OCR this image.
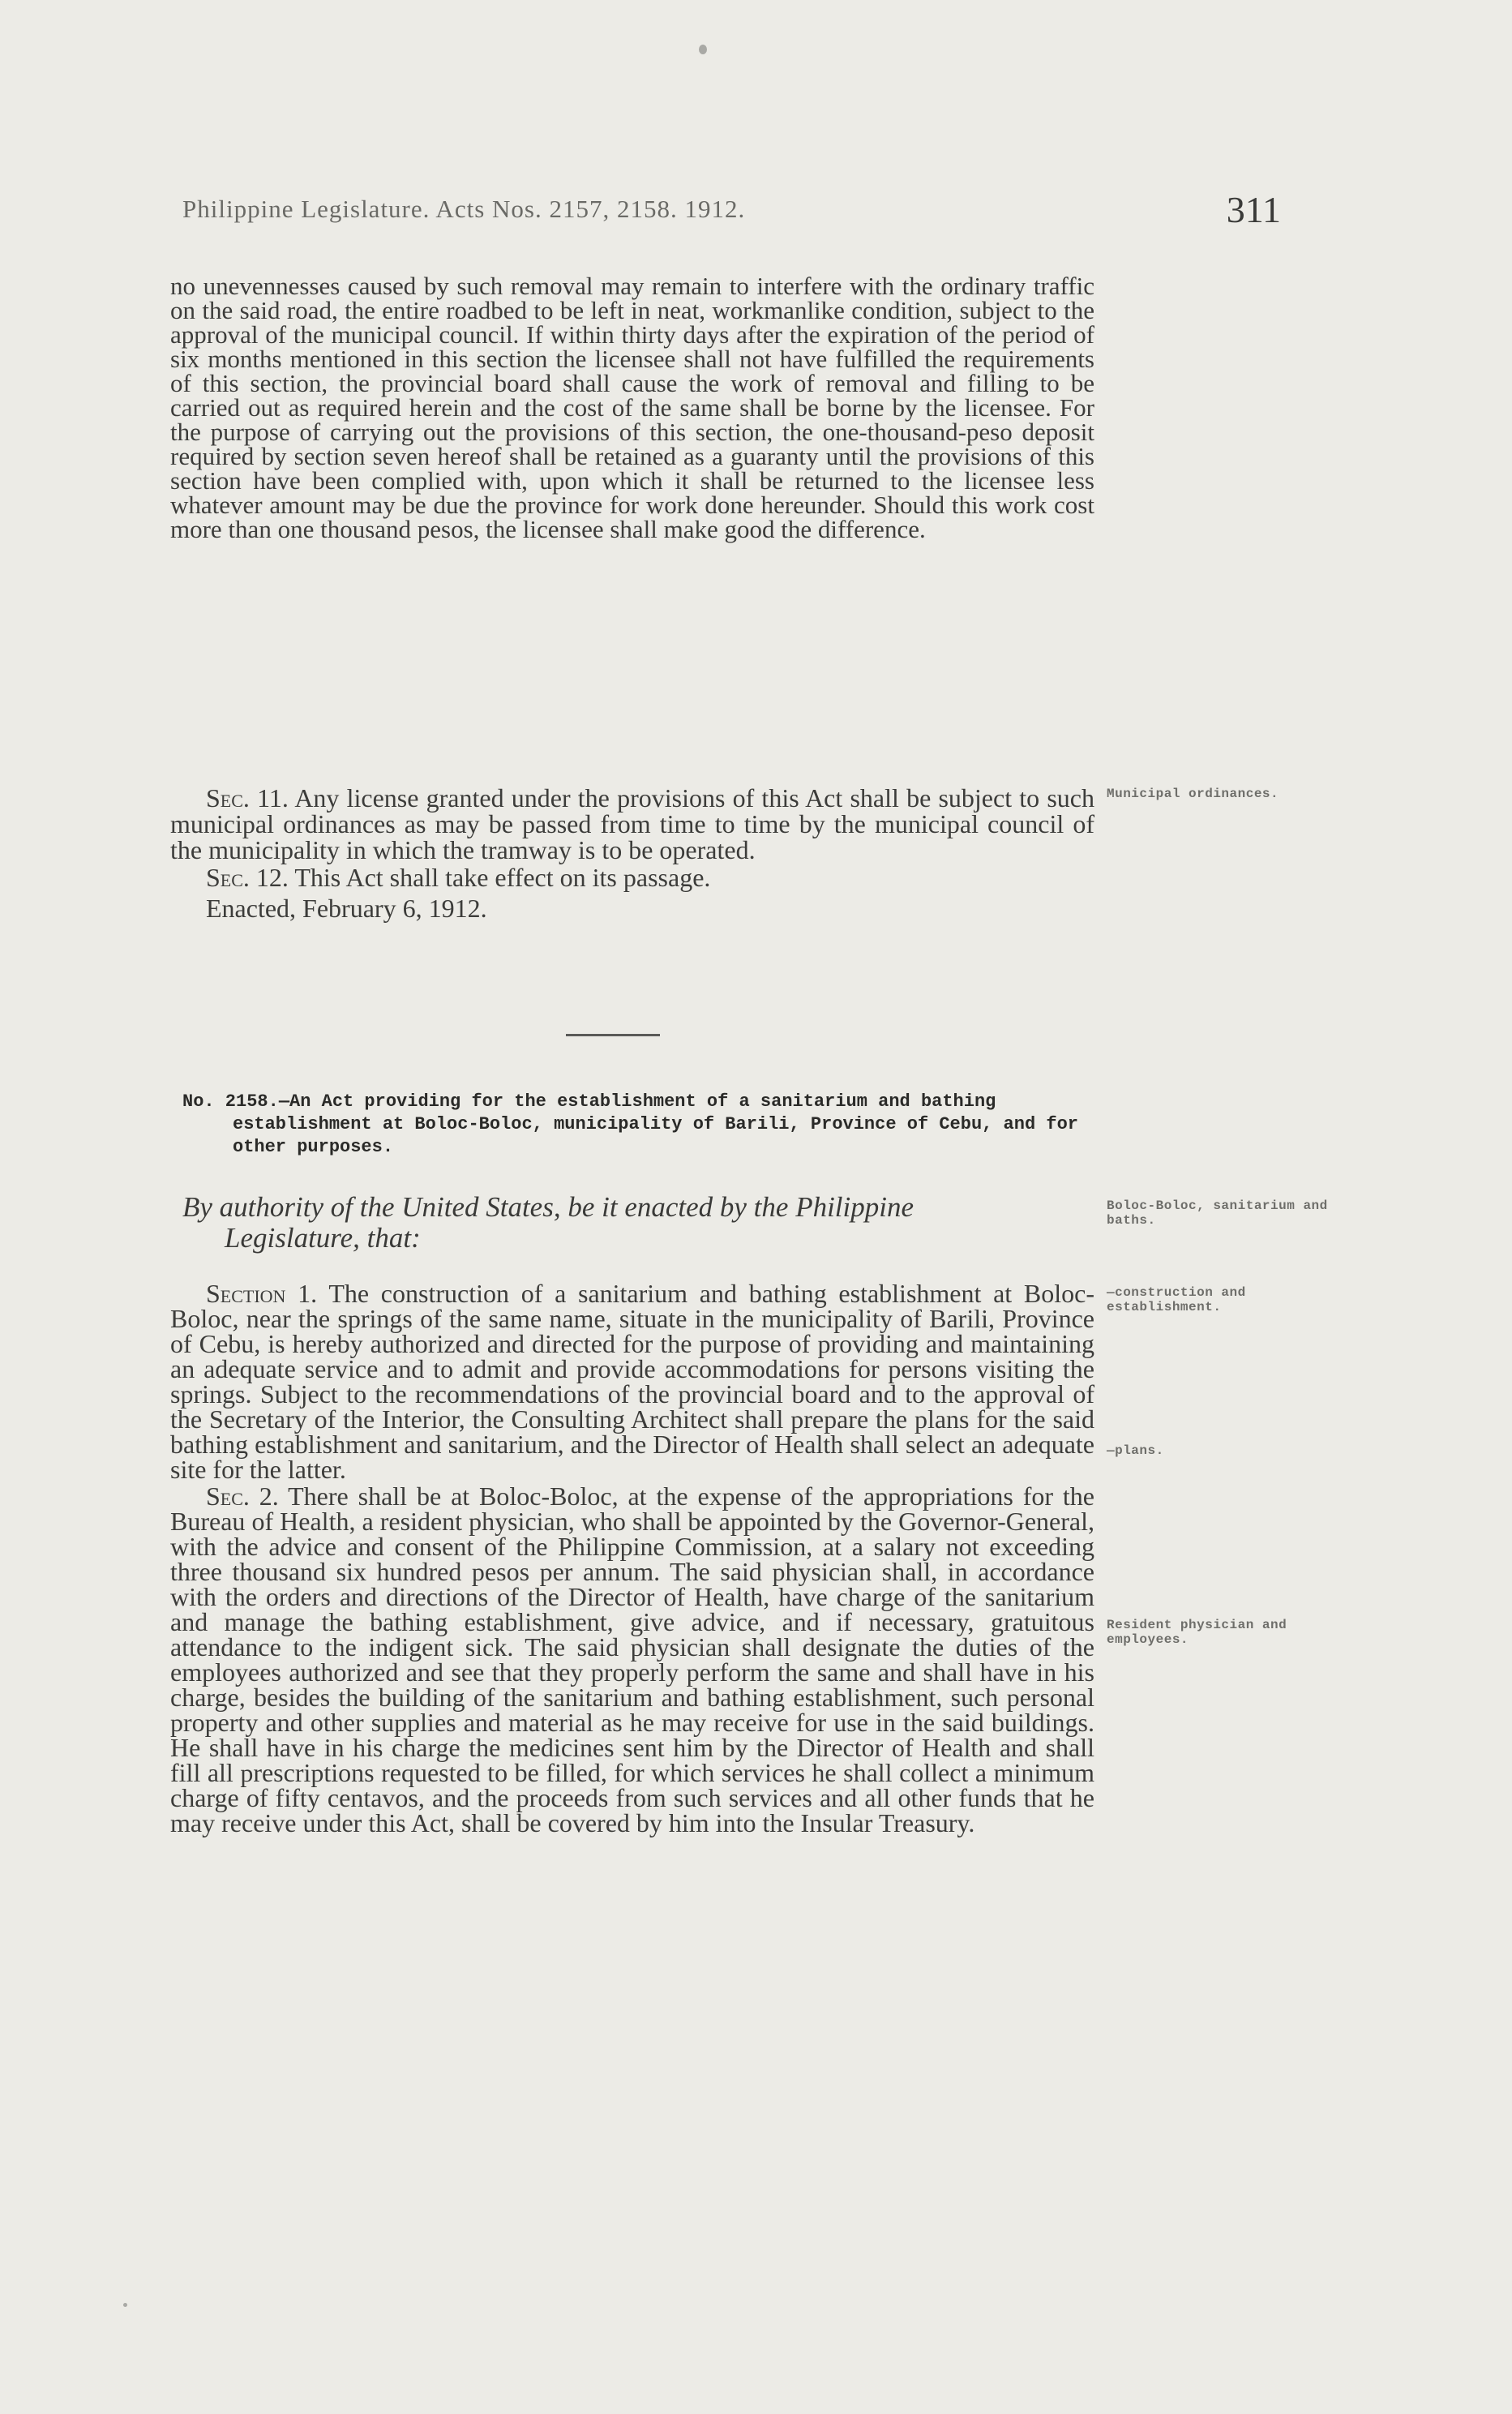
Philippine Legislature. Acts Nos. 2157, 2158. 1912.	311

no unevennesses caused by such removal may remain to interfere with the ordinary traffic on the said road, the entire roadbed to be left in neat, workmanlike condition, subject to the approval of the municipal council. If within thirty days after the expiration of the period of six months mentioned in this section the licensee shall not have fulfilled the requirements of this section, the provincial board shall cause the work of removal and filling to be carried out as required herein and the cost of the same shall be borne by the licensee. For the purpose of carrying out the provisions of this section, the one-thousand-peso deposit required by section seven hereof shall be retained as a guaranty until the provisions of this section have been complied with, upon which it shall be returned to the licensee less whatever amount may be due the province for work done hereunder. Should this work cost more than one thousand pesos, the licensee shall make good the difference.

Sec. 11. Any license granted under the provisions of this Act shall be subject to such municipal ordinances as may be passed from time to time by the municipal council of the municipality in which the tramway is to be operated.

Sec. 12. This Act shall take effect on its passage.

Enacted, February 6, 1912.

No. 2158.—An Act providing for the establishment of a sanitarium and bathing establishment at Boloc-Boloc, municipality of Barili, Province of Cebu, and for other purposes.
By authority of the United States, be it enacted by the Philippine
Legislature, that:

Section 1. The construction of a sanitarium and bathing establishment at Boloc-Boloc, near the springs of the same name, situate in the municipality of Barili, Province of Cebu, is hereby authorized and directed for the purpose of providing and maintaining an adequate service and to admit and provide accommodations for persons visiting the springs. Subject to the recommendations of the provincial board and to the approval of the Secretary of the Interior, the Consulting Architect shall prepare the plans for the said bathing establishment and sanitarium, and the Director of Health shall select an adequate site for the latter.

Sec. 2. There shall be at Boloc-Boloc, at the expense of the appropriations for the Bureau of Health, a resident physician, who shall be appointed by the Governor-General, with the advice and consent of the Philippine Commission, at a salary not exceeding three thousand six hundred pesos per annum. The said physician shall, in accordance with the orders and directions of the Director of Health, have charge of the sanitarium and manage the bathing establishment, give advice, and if necessary, gratuitous attendance to the indigent sick. The said physician shall designate the duties of the employees authorized and see that they properly perform the same and shall have in his charge, besides the building of the sanitarium and bathing establishment, such personal property and other supplies and material as he may receive for use in the said buildings. He shall have in his charge the medicines sent him by the Director of Health and shall fill all prescriptions requested to be filled, for which services he shall collect a minimum charge of fifty centavos, and the proceeds from such services and all other funds that he may receive under this Act, shall be covered by him into the Insular Treasury.

Municipal ordinances.
Boloc-Boloc, sanitarium and baths.
—construction and establishment.
—plans.
Resident physician and employees.
